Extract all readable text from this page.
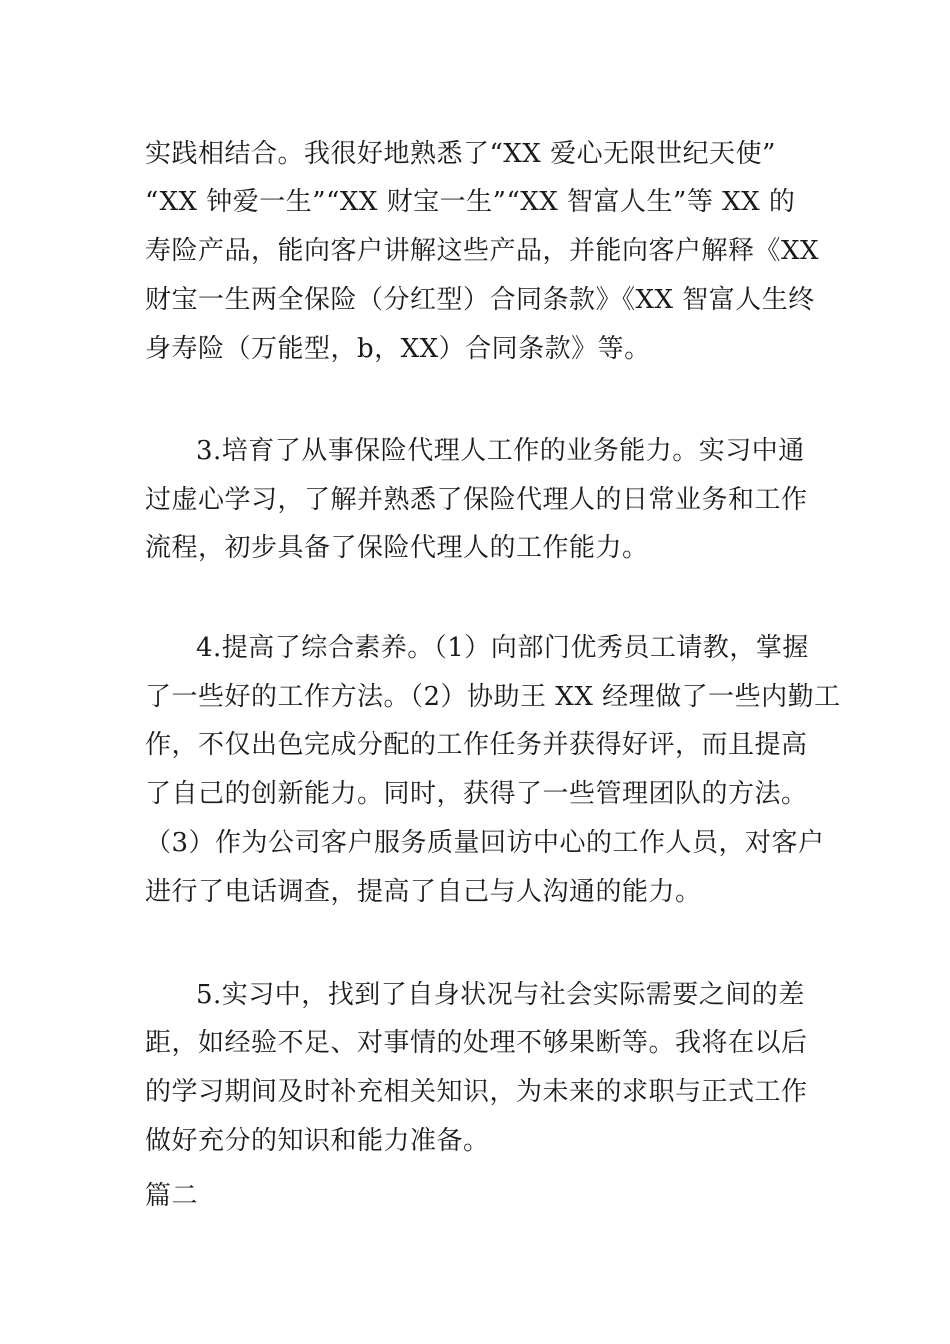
实践相结合。我很好地熟悉了“XX 爱心无限世纪天使”

“XX 钟爱一生”“XX 财宝一生”“XX 智富人生”等 XX 的

寿险产品，能向客户讲解这些产品，并能向客户解释《XX

财宝一生两全保险（分红型）合同条款》《XX 智富人生终

身寿险（万能型，b，XX）合同条款》等。

3.培育了从事保险代理人工作的业务能力。实习中通

过虚心学习，了解并熟悉了保险代理人的日常业务和工作

流程，初步具备了保险代理人的工作能力。

4.提高了综合素养。（1）向部门优秀员工请教，掌握

了一些好的工作方法。（2）协助王 XX 经理做了一些内勤工

作，不仅出色完成分配的工作任务并获得好评，而且提高

了自己的创新能力。同时，获得了一些管理团队的方法。

（3）作为公司客户服务质量回访中心的工作人员，对客户

进行了电话调查，提高了自己与人沟通的能力。

5.实习中，找到了自身状况与社会实际需要之间的差

距，如经验不足、对事情的处理不够果断等。我将在以后

的学习期间及时补充相关知识，为未来的求职与正式工作

做好充分的知识和能力准备。

篇二
